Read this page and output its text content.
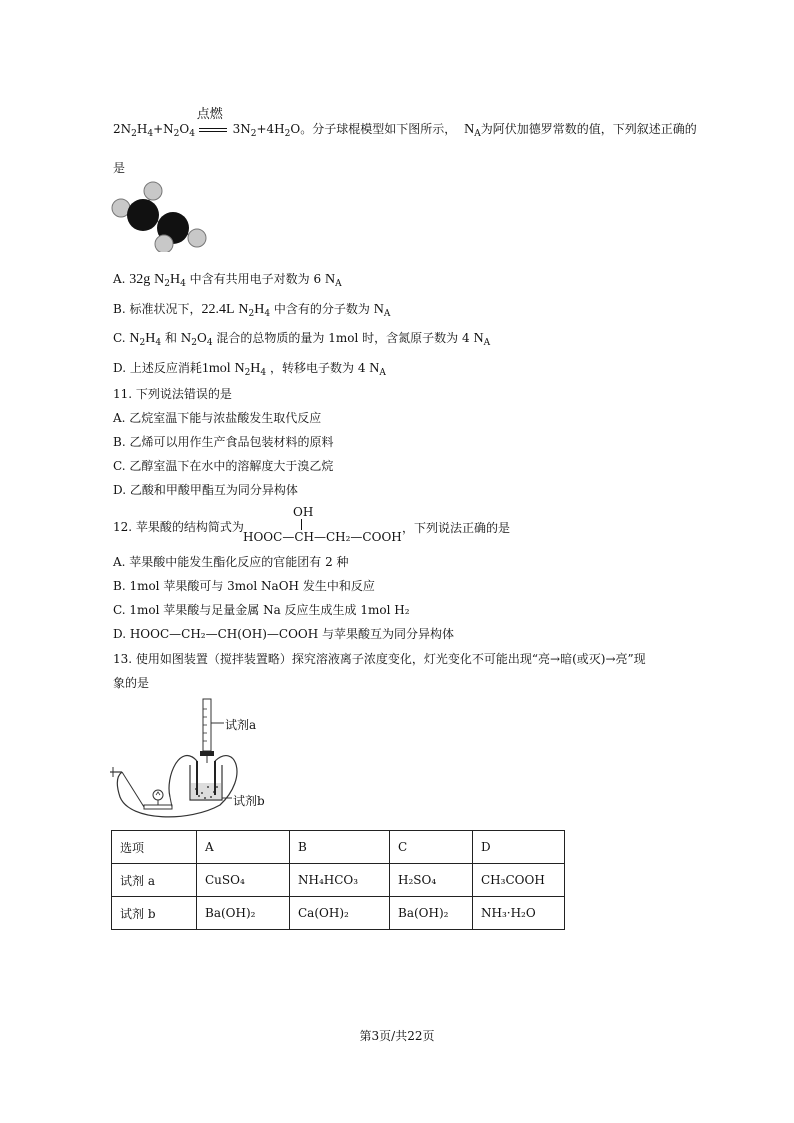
$2N_2H_4+N_2O_4$
点燃
$3N_2+4H_2O$。分子球棍模型如下图所示， $N_A$为阿伏加德罗常数的值，下列叙述正确的
是
A. 32g $N_2H_4$ 中含有共用电子对数为 6 $N_A$
B. 标准状况下，22.4L $N_2H_4$ 中含有的分子数为 $N_A$
C. $N_2H_4$ 和 $N_2O_4$ 混合的总物质的量为 1mol 时，含氮原子数为 4 $N_A$
D. 上述反应消耗1mol $N_2H_4$ ，转移电子数为 4 $N_A$
11. 下列说法错误的是
A. 乙烷室温下能与浓盐酸发生取代反应
B. 乙烯可以用作生产食品包装材料的原料
C. 乙醇室温下在水中的溶解度大于溴乙烷
D. 乙酸和甲酸甲酯互为同分异构体
12. 苹果酸的结构简式为
OH
HOOC—CH—CH₂—COOH
，下列说法正确的是
A. 苹果酸中能发生酯化反应的官能团有 2 种
B. 1mol 苹果酸可与 3mol NaOH 发生中和反应
C. 1mol 苹果酸与足量金属 Na 反应生成生成 1mol H₂
D. HOOC—CH₂—CH(OH)—COOH 与苹果酸互为同分异构体
13. 使用如图装置（搅拌装置略）探究溶液离子浓度变化，灯光变化不可能出现“亮→暗(或灭)→亮”现
象的是
试剂a
试剂b
选项	A	B	C	D
试剂 a	CuSO₄	NH₄HCO₃	H₂SO₄	CH₃COOH
试剂 b	Ba(OH)₂	Ca(OH)₂	Ba(OH)₂	NH₃·H₂O
第3页/共22页
